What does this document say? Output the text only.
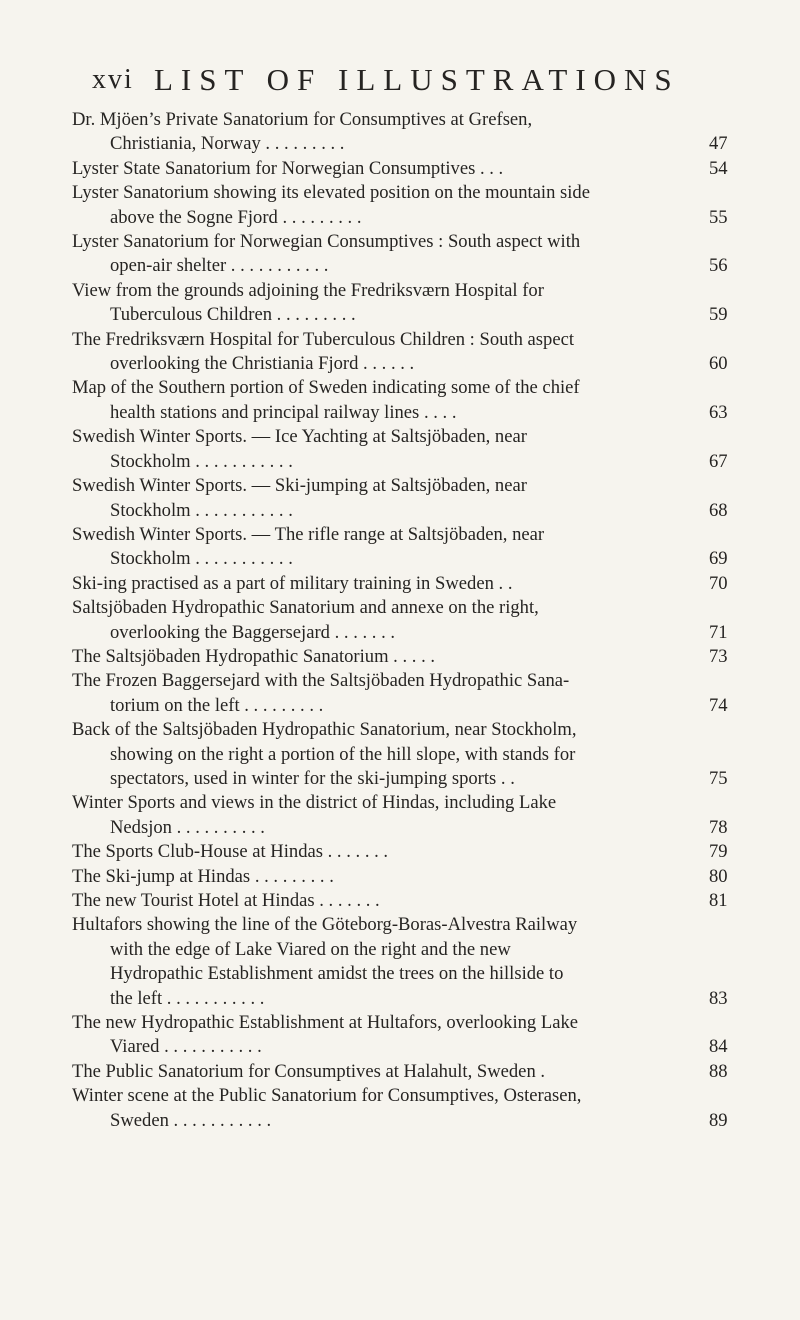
xvi LIST OF ILLUSTRATIONS
Dr. Mjöen’s Private Sanatorium for Consumptives at Grefsen,
Christiania, Norway . . . . . . . . .	47
Lyster State Sanatorium for Norwegian Consumptives . . .	54
Lyster Sanatorium showing its elevated position on the mountain side
above the Sogne Fjord . . . . . . . . .	55
Lyster Sanatorium for Norwegian Consumptives : South aspect with
open-air shelter . . . . . . . . . . .	56
View from the grounds adjoining the Fredriksværn Hospital for
Tuberculous Children . . . . . . . . .	59
The Fredriksværn Hospital for Tuberculous Children : South aspect
overlooking the Christiania Fjord . . . . . .	60
Map of the Southern portion of Sweden indicating some of the chief
health stations and principal railway lines . . . .	63
Swedish Winter Sports. — Ice Yachting at Saltsjöbaden, near
Stockholm . . . . . . . . . . .	67
Swedish Winter Sports. — Ski-jumping at Saltsjöbaden, near
Stockholm . . . . . . . . . . .	68
Swedish Winter Sports. — The rifle range at Saltsjöbaden, near
Stockholm . . . . . . . . . . .	69
Ski-ing practised as a part of military training in Sweden . .	70
Saltsjöbaden Hydropathic Sanatorium and annexe on the right,
overlooking the Baggersejard . . . . . . .	71
The Saltsjöbaden Hydropathic Sanatorium . . . . .	73
The Frozen Baggersejard with the Saltsjöbaden Hydropathic Sana-
torium on the left . . . . . . . . .	74
Back of the Saltsjöbaden Hydropathic Sanatorium, near Stockholm,
showing on the right a portion of the hill slope, with stands for
spectators, used in winter for the ski-jumping sports . .	75
Winter Sports and views in the district of Hindas, including Lake
Nedsjon . . . . . . . . . .	78
The Sports Club-House at Hindas . . . . . . .	79
The Ski-jump at Hindas . . . . . . . . .	80
The new Tourist Hotel at Hindas . . . . . . .	81
Hultafors showing the line of the Göteborg-Boras-Alvestra Railway
with the edge of Lake Viared on the right and the new
Hydropathic Establishment amidst the trees on the hillside to
the left . . . . . . . . . . .	83
The new Hydropathic Establishment at Hultafors, overlooking Lake
Viared . . . . . . . . . . .	84
The Public Sanatorium for Consumptives at Halahult, Sweden .	88
Winter scene at the Public Sanatorium for Consumptives, Osterasen,
Sweden . . . . . . . . . . .	89
